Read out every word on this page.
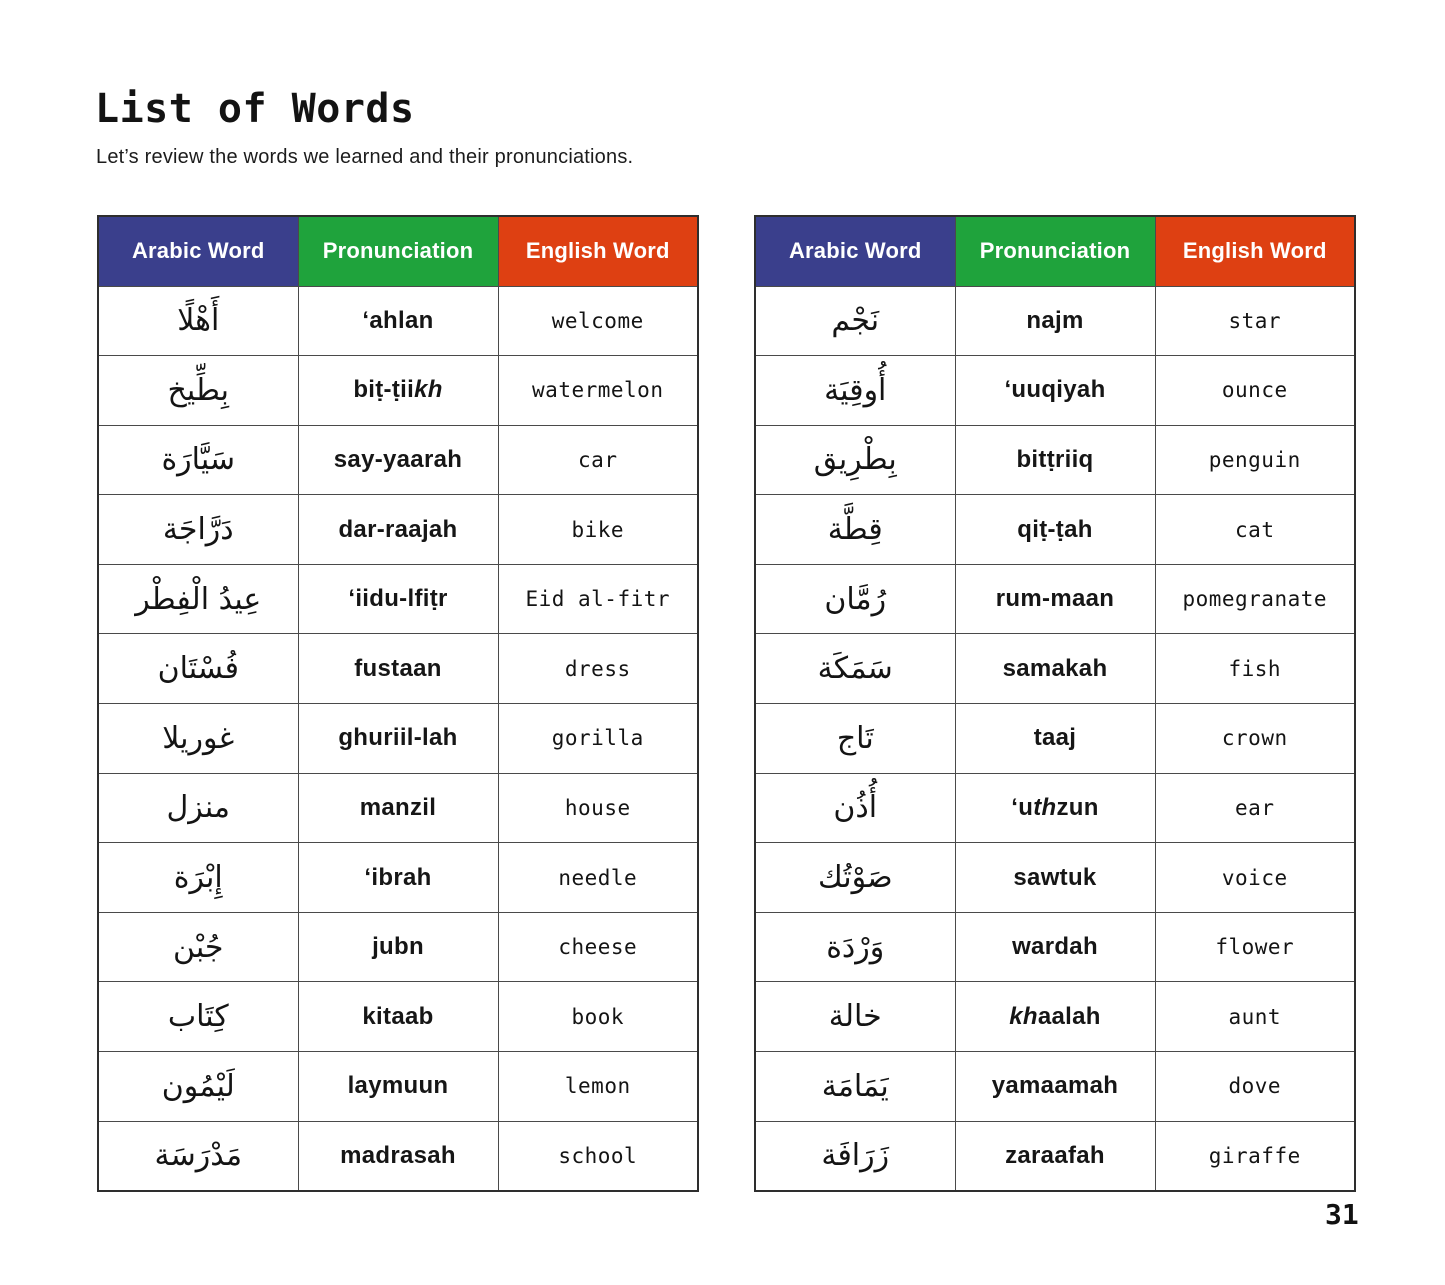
List of Words

Let’s review the words we learned and their pronunciations.

Arabic Word	Pronunciation	English Word
أَهْلًا	‘ahlan	welcome
بِطِّيخ	biṭ-ṭiikh	watermelon
سَيَّارَة	say-yaarah	car
دَرَّاجَة	dar-raajah	bike
عِيدُ الْفِطْر	‘iidu-lfiṭr	Eid al-fitr
فُسْتَان	fustaan	dress
غوريلا	ghuriil-lah	gorilla
منزل	manzil	house
إِبْرَة	‘ibrah	needle
جُبْن	jubn	cheese
كِتَاب	kitaab	book
لَيْمُون	laymuun	lemon
مَدْرَسَة	madrasah	school
Arabic Word	Pronunciation	English Word
نَجْم	najm	star
أُوقِيَة	‘uuqiyah	ounce
بِطْرِيق	bitṭriiq	penguin
قِطَّة	qiṭ-ṭah	cat
رُمَّان	rum-maan	pomegranate
سَمَكَة	samakah	fish
تَاج	taaj	crown
أُذُن	‘uthzun	ear
صَوْتُك	sawtuk	voice
وَرْدَة	wardah	flower
خالة	khaalah	aunt
يَمَامَة	yamaamah	dove
زَرَافَة	zaraafah	giraffe
31
